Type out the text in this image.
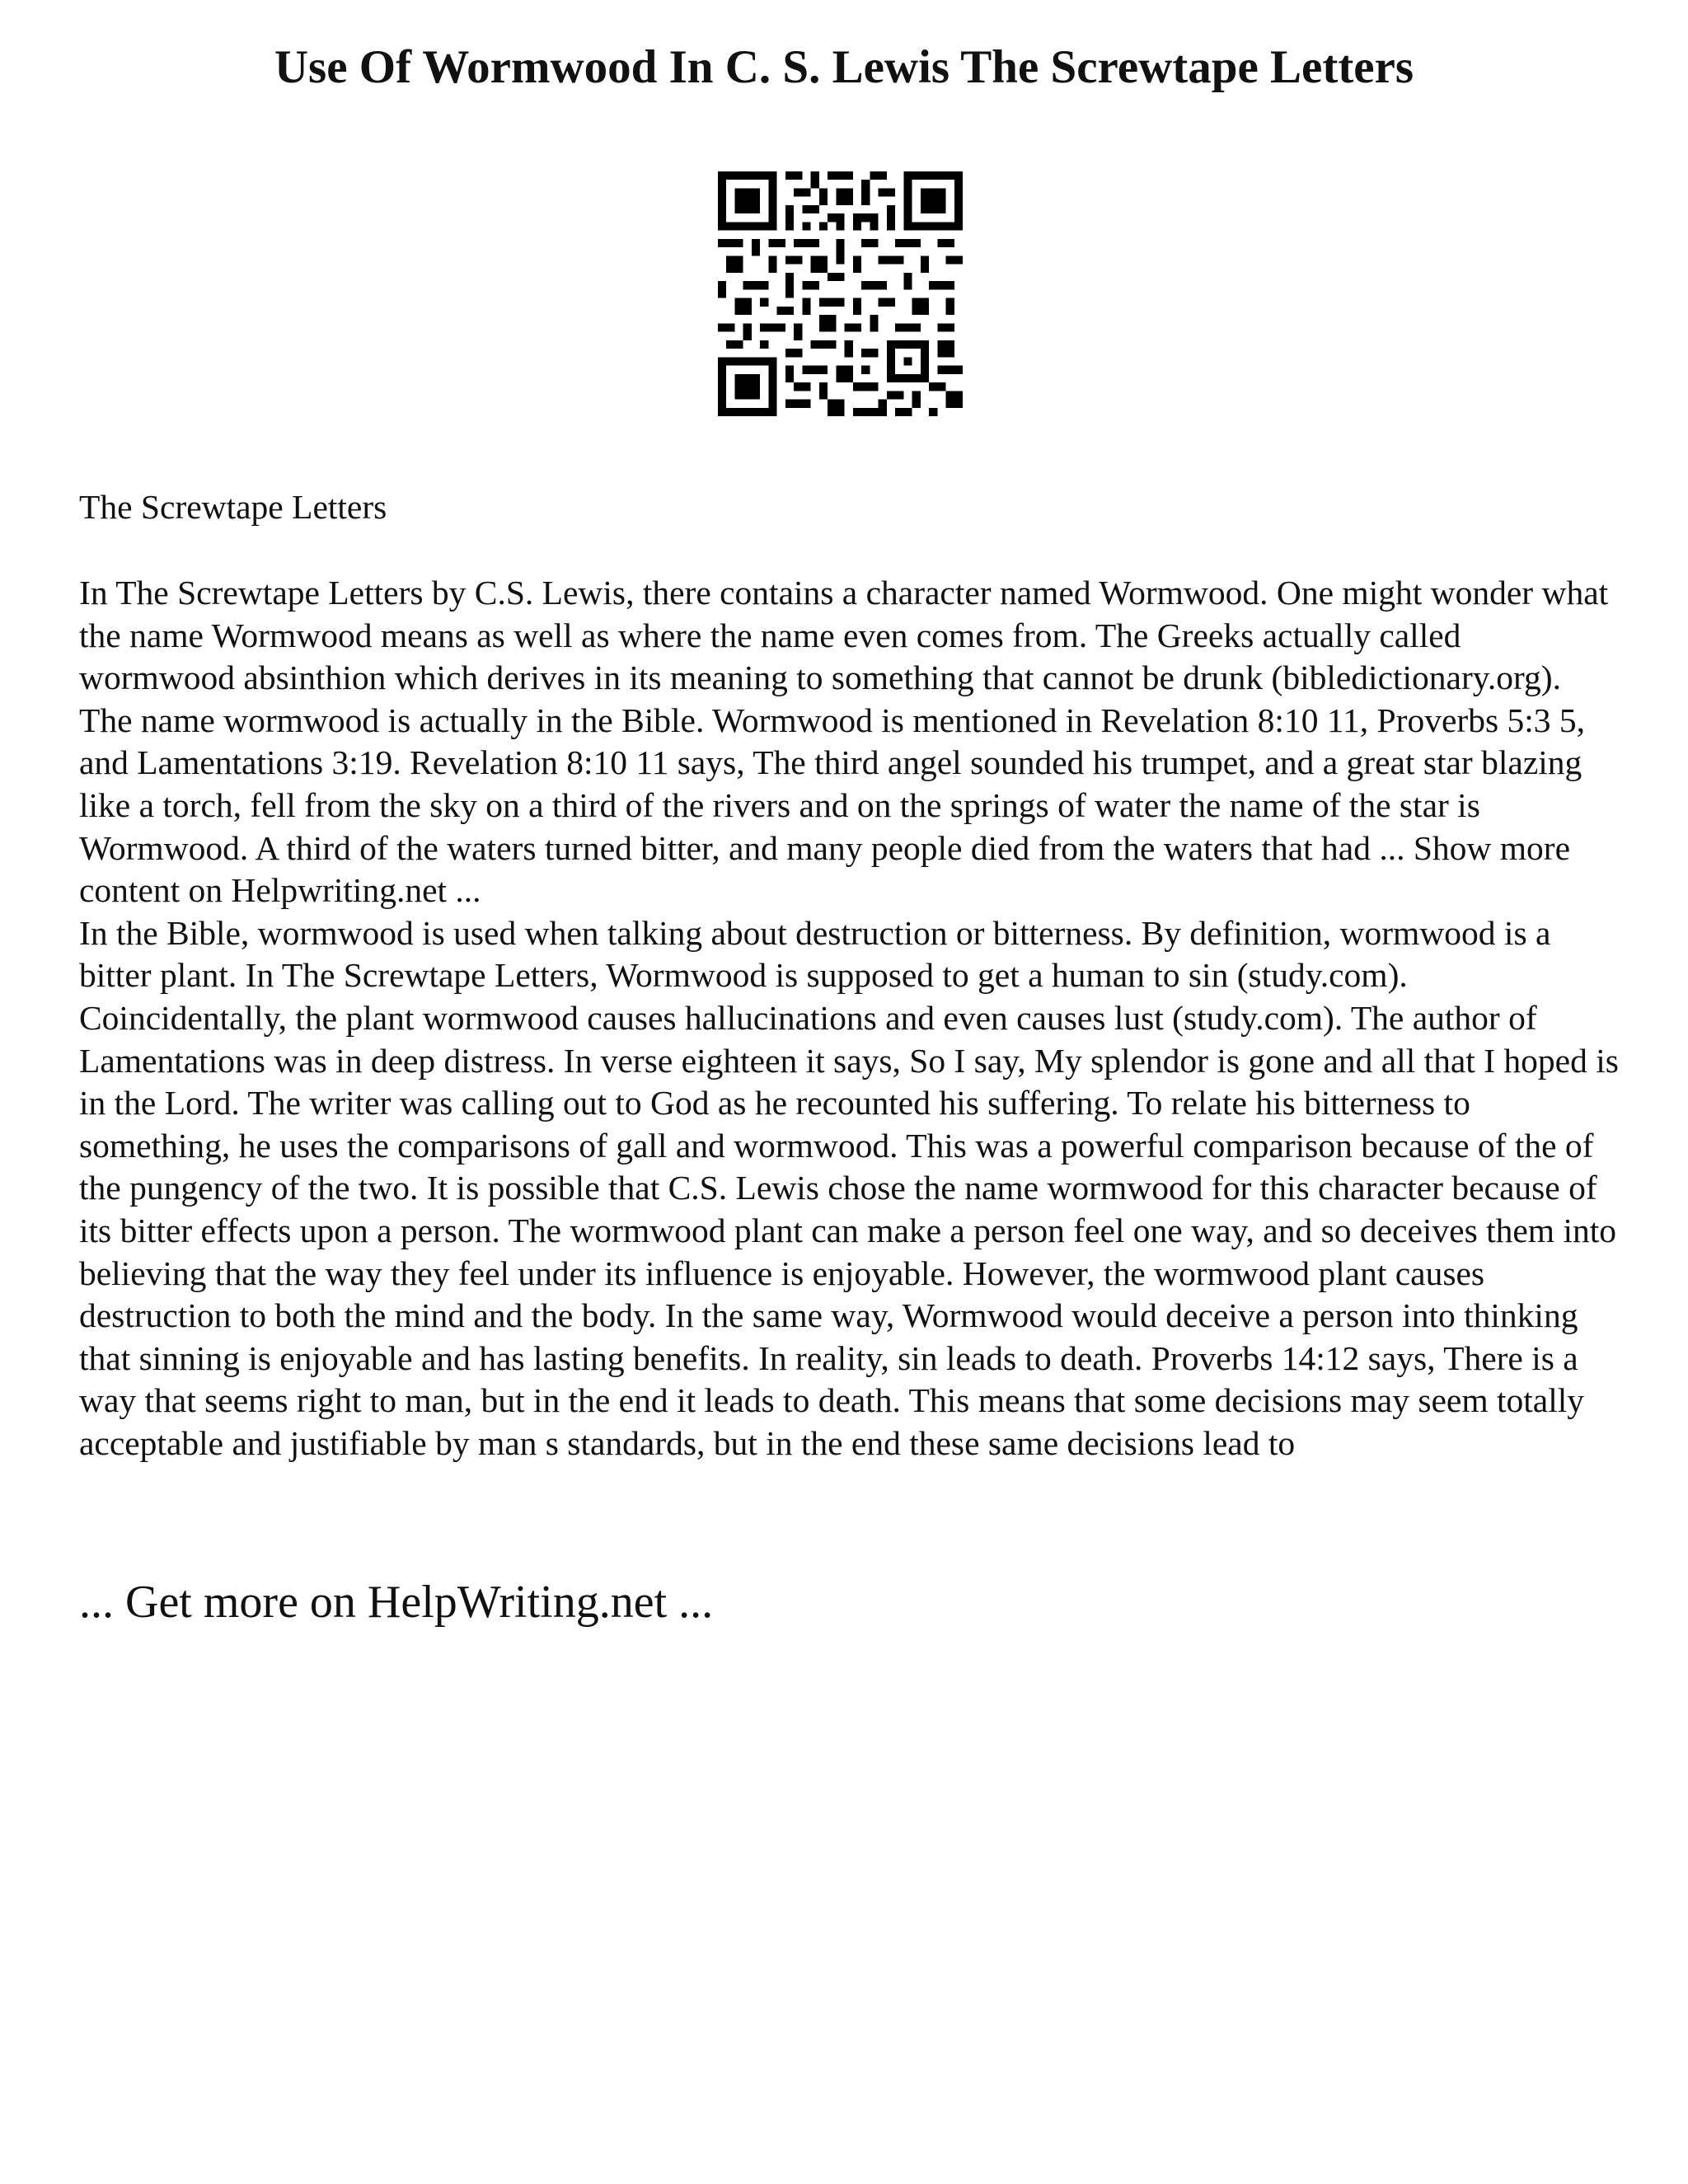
Use Of Wormwood In C. S. Lewis The Screwtape Letters

The Screwtape Letters

In The Screwtape Letters by C.S. Lewis, there contains a character named Wormwood. One might wonder what the name Wormwood means as well as where the name even comes from. The Greeks actually called wormwood absinthion which derives in its meaning to something that cannot be drunk (bibledictionary.org). The name wormwood is actually in the Bible. Wormwood is mentioned in Revelation 8:10 11, Proverbs 5:3 5, and Lamentations 3:19. Revelation 8:10 11 says, The third angel sounded his trumpet, and a great star blazing like a torch, fell from the sky on a third of the rivers and on the springs of water the name of the star is Wormwood. A third of the waters turned bitter, and many people died from the waters that had ... Show more content on Helpwriting.net ...

In the Bible, wormwood is used when talking about destruction or bitterness. By definition, wormwood is a bitter plant. In The Screwtape Letters, Wormwood is supposed to get a human to sin (study.com). Coincidentally, the plant wormwood causes hallucinations and even causes lust (study.com). The author of Lamentations was in deep distress. In verse eighteen it says, So I say, My splendor is gone and all that I hoped is in the Lord. The writer was calling out to God as he recounted his suffering. To relate his bitterness to something, he uses the comparisons of gall and wormwood. This was a powerful comparison because of the of the pungency of the two. It is possible that C.S. Lewis chose the name wormwood for this character because of its bitter effects upon a person. The wormwood plant can make a person feel one way, and so deceives them into believing that the way they feel under its influence is enjoyable. However, the wormwood plant causes destruction to both the mind and the body. In the same way, Wormwood would deceive a person into thinking that sinning is enjoyable and has lasting benefits. In reality, sin leads to death. Proverbs 14:12 says, There is a way that seems right to man, but in the end it leads to death. This means that some decisions may seem totally acceptable and justifiable by man s standards, but in the end these same decisions lead to

... Get more on HelpWriting.net ...
